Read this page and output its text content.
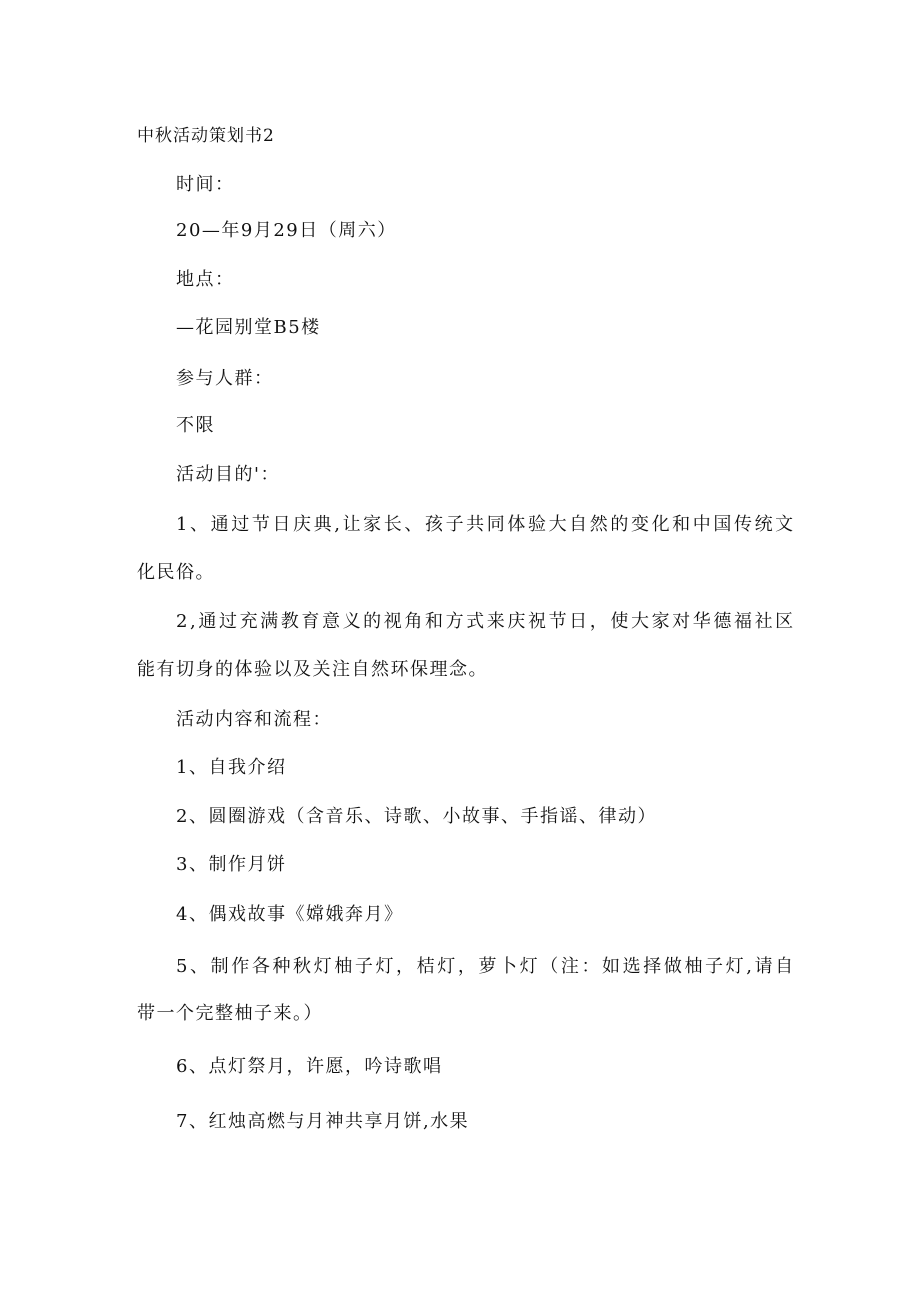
中秋活动策划书2
时间：
20—年9月29日（周六）
地点：
—花园别堂B5楼
参与人群：
不限
活动目的'：
1、通过节日庆典,让家长、孩子共同体验大自然的变化和中国传统文
化民俗。
2,通过充满教育意义的视角和方式来庆祝节日，使大家对华德福社区
能有切身的体验以及关注自然环保理念。
活动内容和流程：
1、自我介绍
2、圆圈游戏（含音乐、诗歌、小故事、手指谣、律动）
3、制作月饼
4、偶戏故事《嫦娥奔月》
5、制作各种秋灯柚子灯，桔灯，萝卜灯（注：如选择做柚子灯,请自
带一个完整柚子来。）
6、点灯祭月，许愿，吟诗歌唱
7、红烛高燃与月神共享月饼,水果
